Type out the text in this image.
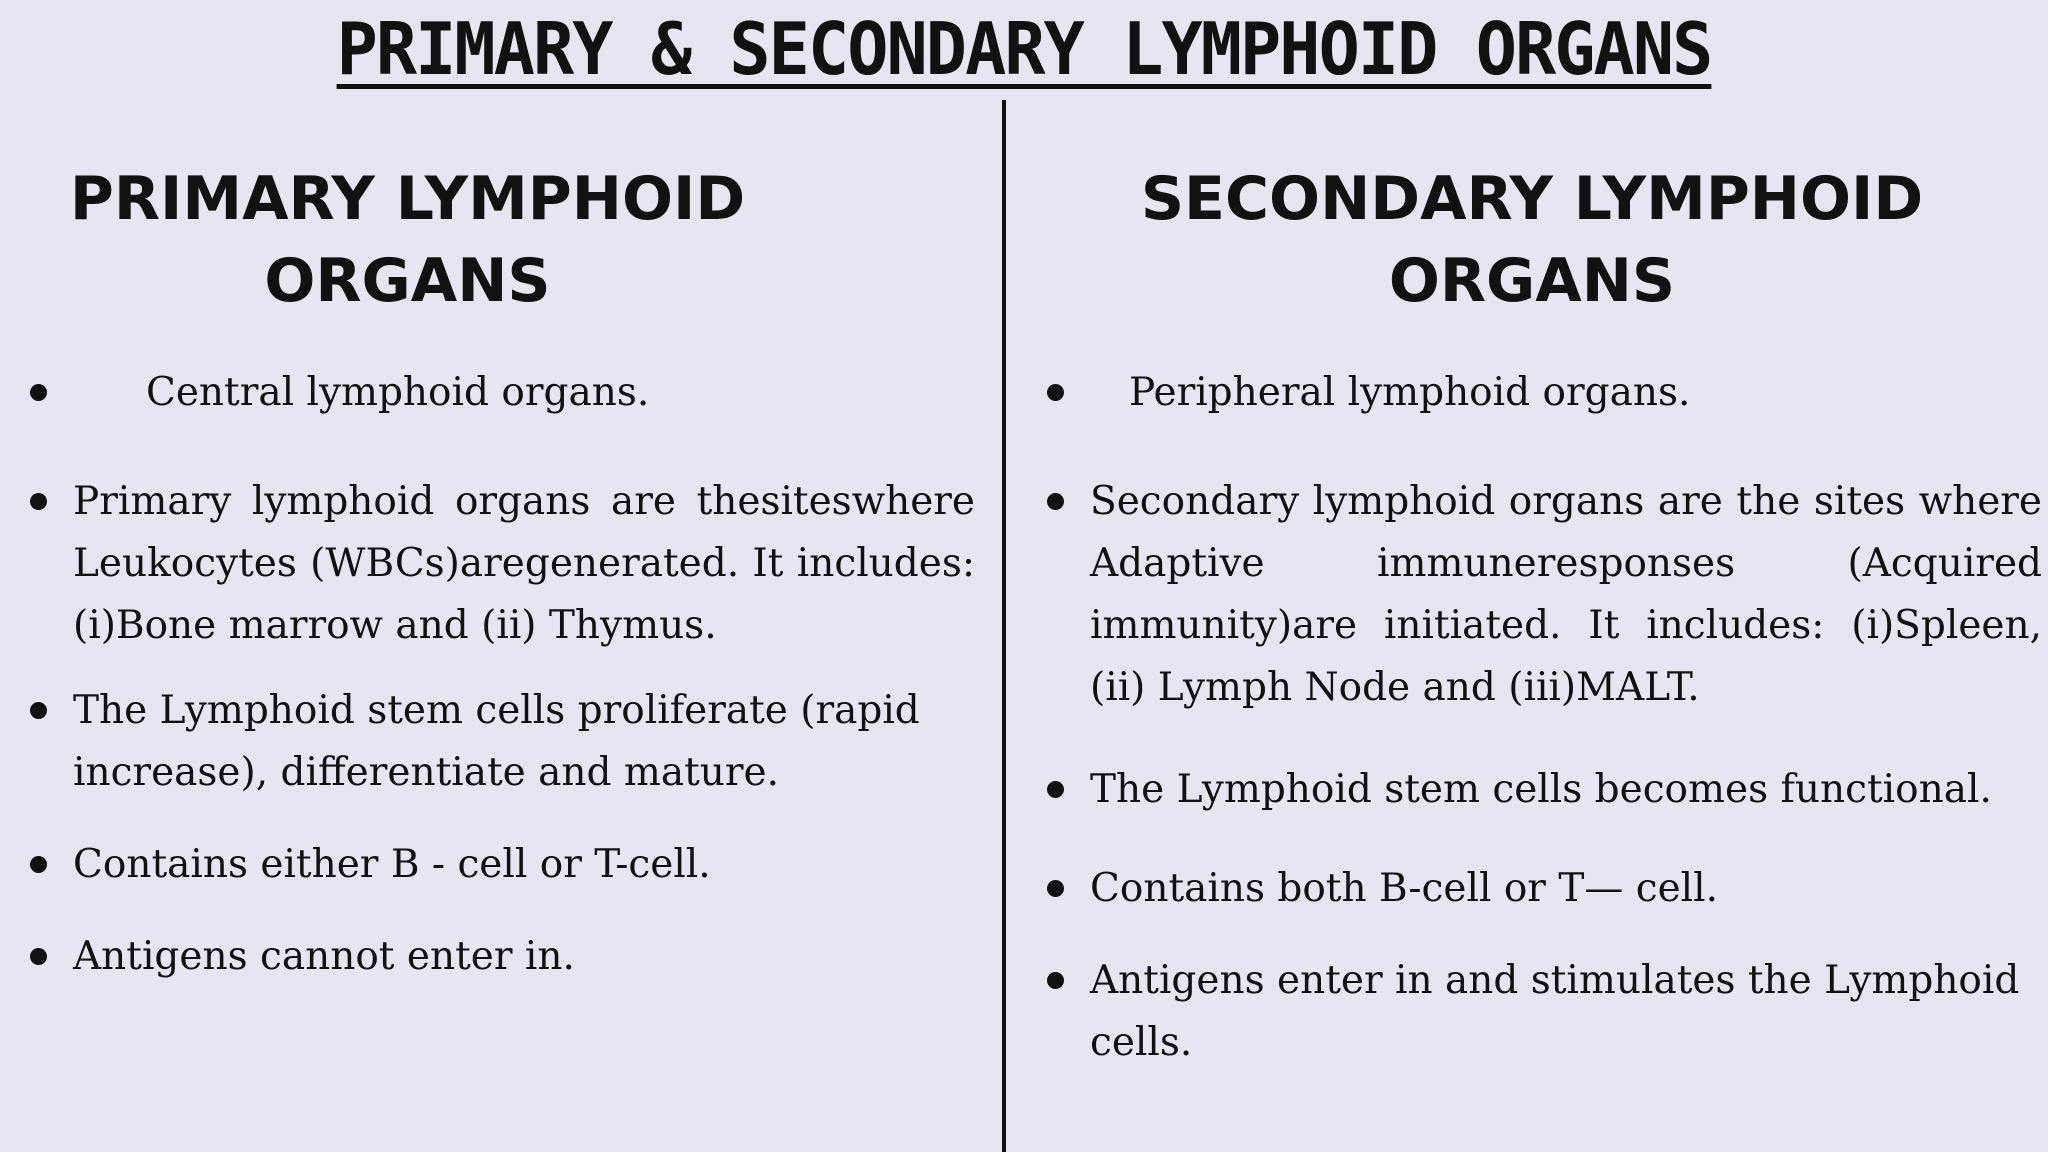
PRIMARY & SECONDARY LYMPHOID ORGANS
PRIMARY LYMPHOID
ORGANS
Central lymphoid organs.
Primary lymphoid organs are thesiteswhere Leukocytes (WBCs)aregenerated. It includes: (i)Bone marrow and (ii) Thymus.
The Lymphoid stem cells proliferate (rapid increase), differentiate and mature.
Contains either B - cell or T-cell.
Antigens cannot enter in.
SECONDARY LYMPHOID
ORGANS
Peripheral lymphoid organs.
Secondary lymphoid organs are the sites where Adaptive immuneresponses (Acquired immunity)are initiated. It includes: (i)Spleen, (ii) Lymph Node and (iii)MALT.
The Lymphoid stem cells becomes functional.
Contains both B-cell or T— cell.
Antigens enter in and stimulates the Lymphoid cells.
